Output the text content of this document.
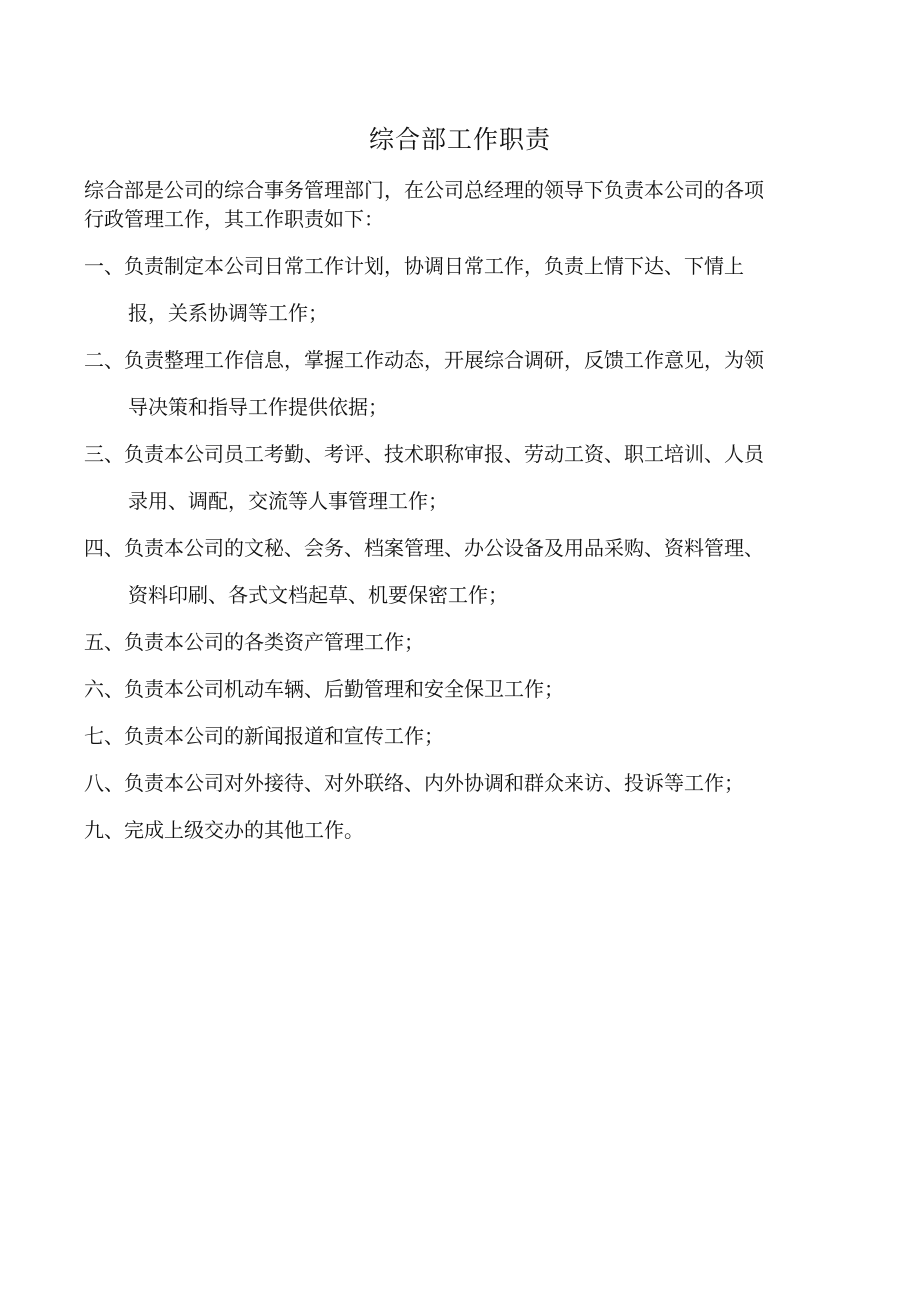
综合部工作职责

综合部是公司的综合事务管理部门，在公司总经理的领导下负责本公司的各项

行政管理工作，其工作职责如下：

一、负责制定本公司日常工作计划，协调日常工作，负责上情下达、下情上
报，关系协调等工作；
二、负责整理工作信息，掌握工作动态，开展综合调研，反馈工作意见，为领
导决策和指导工作提供依据；
三、负责本公司员工考勤、考评、技术职称审报、劳动工资、职工培训、人员
录用、调配，交流等人事管理工作；
四、负责本公司的文秘、会务、档案管理、办公设备及用品采购、资料管理、
资料印刷、各式文档起草、机要保密工作；
五、负责本公司的各类资产管理工作；
六、负责本公司机动车辆、后勤管理和安全保卫工作；
七、负责本公司的新闻报道和宣传工作；
八、负责本公司对外接待、对外联络、内外协调和群众来访、投诉等工作；
九、完成上级交办的其他工作。
